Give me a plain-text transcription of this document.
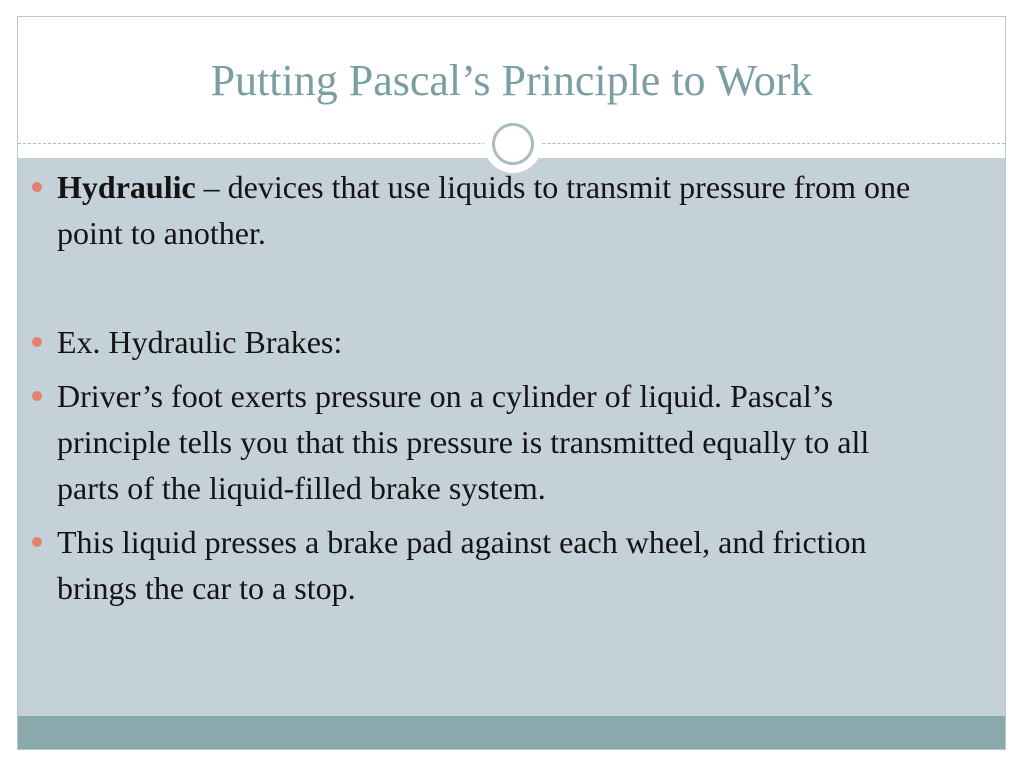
Putting Pascal’s Principle to Work
Hydraulic – devices that use liquids to transmit pressure from one point to another.
Ex. Hydraulic Brakes:
Driver’s foot exerts pressure on a cylinder of liquid. Pascal’s principle tells you that this pressure is transmitted equally to all parts of the liquid-filled brake system.
This liquid presses a brake pad against each wheel, and friction brings the car to a stop.
